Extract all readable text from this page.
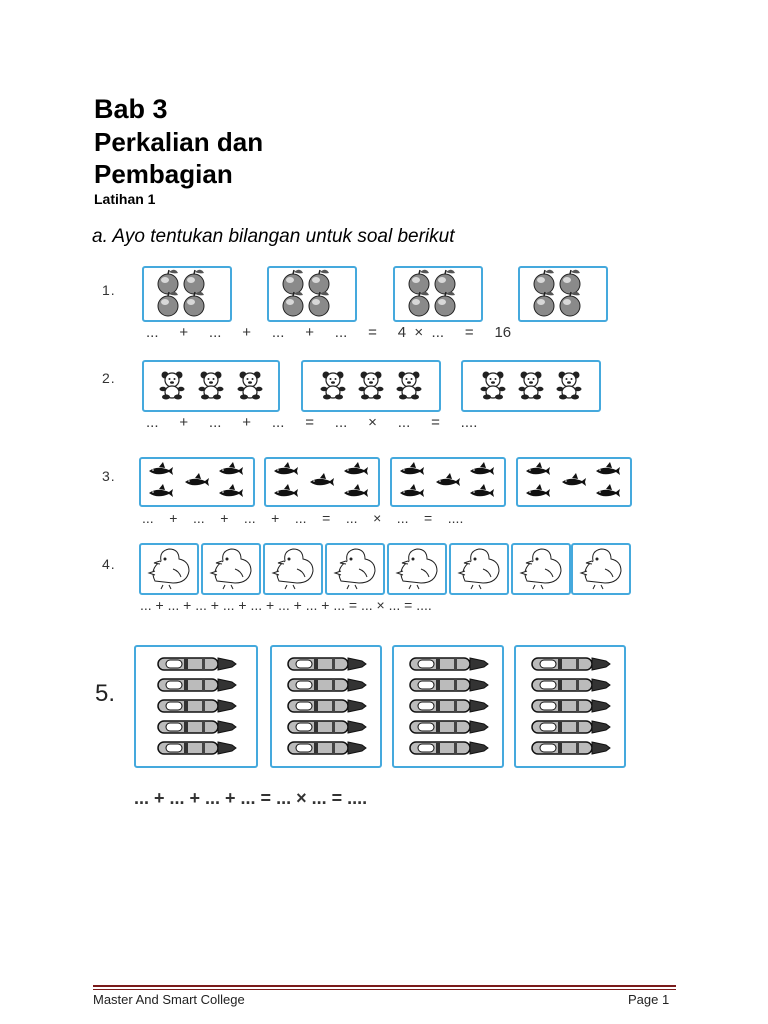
Bab 3
Perkalian dan
Pembagian
Latihan 1
a. Ayo tentukan bilangan untuk soal berikut
1.
...     +     ...     +     ...     +     ...     =     4  ×  ...     =     16
2.
...     +     ...     +     ...     =     ...     ×     ...     =     ....
3.
...    +    ...    +    ...    +    ...    =    ...    ×    ...    =    ....
4.
... + ... + ... + ... + ... + ... + ... + ... = ... × ... = ....
5.
... + ... + ... + ... = ... × ... = ....
Master And Smart College	Page 1
